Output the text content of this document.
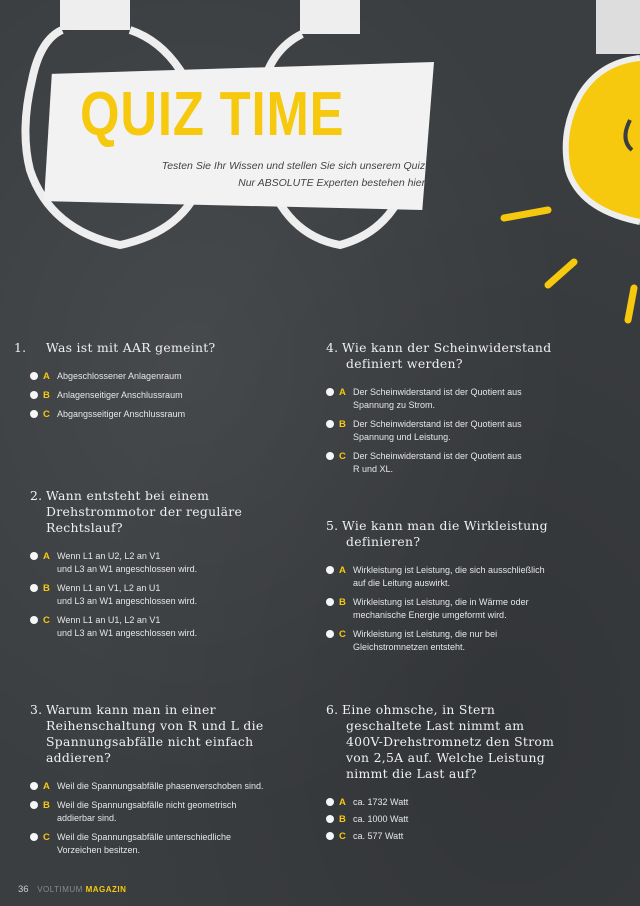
QUIZ TIME
Testen Sie Ihr Wissen und stellen Sie sich unserem Quiz.
Nur ABSOLUTE Experten bestehen hier!
1. Was ist mit AAR gemeint?
A Abgeschlossener Anlagenraum
B Anlagenseitiger Anschlussraum
C Abgangsseitiger Anschlussraum
2. Wann entsteht bei einem
Drehstrommotor der reguläre
Rechtslauf?
A Wenn L1 an U2, L2 an V1
und L3 an W1 angeschlossen wird.
B Wenn L1 an V1, L2 an U1
und L3 an W1 angeschlossen wird.
C Wenn L1 an U1, L2 an V1
und L3 an W1 angeschlossen wird.
3. Warum kann man in einer
Reihenschaltung von R und L die
Spannungsabfälle nicht einfach
addieren?
A Weil die Spannungsabfälle phasenverschoben sind.
B Weil die Spannungsabfälle nicht geometrisch
addierbar sind.
C Weil die Spannungsabfälle unterschiedliche
Vorzeichen besitzen.
4. Wie kann der Scheinwiderstand
definiert werden?
A Der Scheinwiderstand ist der Quotient aus
Spannung zu Strom.
B Der Scheinwiderstand ist der Quotient aus
Spannung und Leistung.
C Der Scheinwiderstand ist der Quotient aus
R und XL.
5. Wie kann man die Wirkleistung
definieren?
A Wirkleistung ist Leistung, die sich ausschließlich
auf die Leitung auswirkt.
B Wirkleistung ist Leistung, die in Wärme oder
mechanische Energie umgeformt wird.
C Wirkleistung ist Leistung, die nur bei
Gleichstromnetzen entsteht.
6. Eine ohmsche, in Stern
geschaltete Last nimmt am
400V-Drehstromnetz den Strom
von 2,5A auf. Welche Leistung
nimmt die Last auf?
A ca. 1732 Watt
B ca. 1000 Watt
C ca. 577 Watt
36 VOLTIMUM MAGAZIN
